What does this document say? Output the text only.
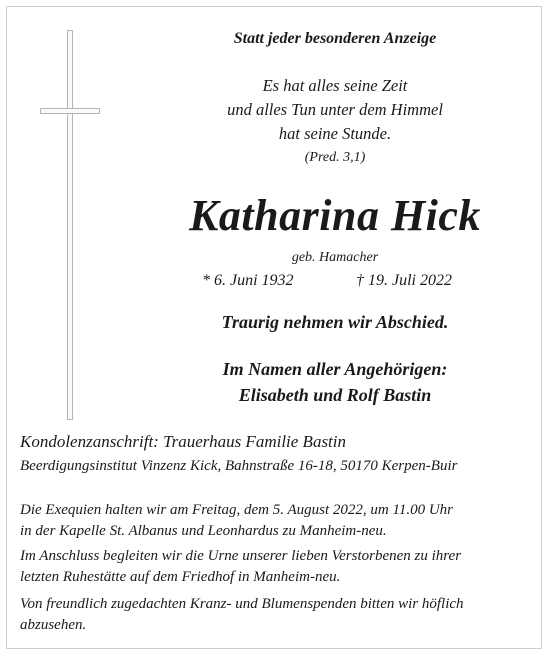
Statt jeder besonderen Anzeige
Es hat alles seine Zeit
und alles Tun unter dem Himmel
hat seine Stunde.
(Pred. 3,1)
Katharina Hick
geb. Hamacher
* 6. Juni 1932	† 19. Juli 2022
Traurig nehmen wir Abschied.
Im Namen aller Angehörigen:
Elisabeth und Rolf Bastin
Kondolenzanschrift: Trauerhaus Familie Bastin
Beerdigungsinstitut Vinzenz Kick, Bahnstraße 16-18, 50170 Kerpen-Buir
Die Exequien halten wir am Freitag, dem 5. August 2022, um 11.00 Uhr
in der Kapelle St. Albanus und Leonhardus zu Manheim-neu.
Im Anschluss begleiten wir die Urne unserer lieben Verstorbenen zu ihrer
letzten Ruhestätte auf dem Friedhof in Manheim-neu.
Von freundlich zugedachten Kranz- und Blumenspenden bitten wir höflich
abzusehen.
